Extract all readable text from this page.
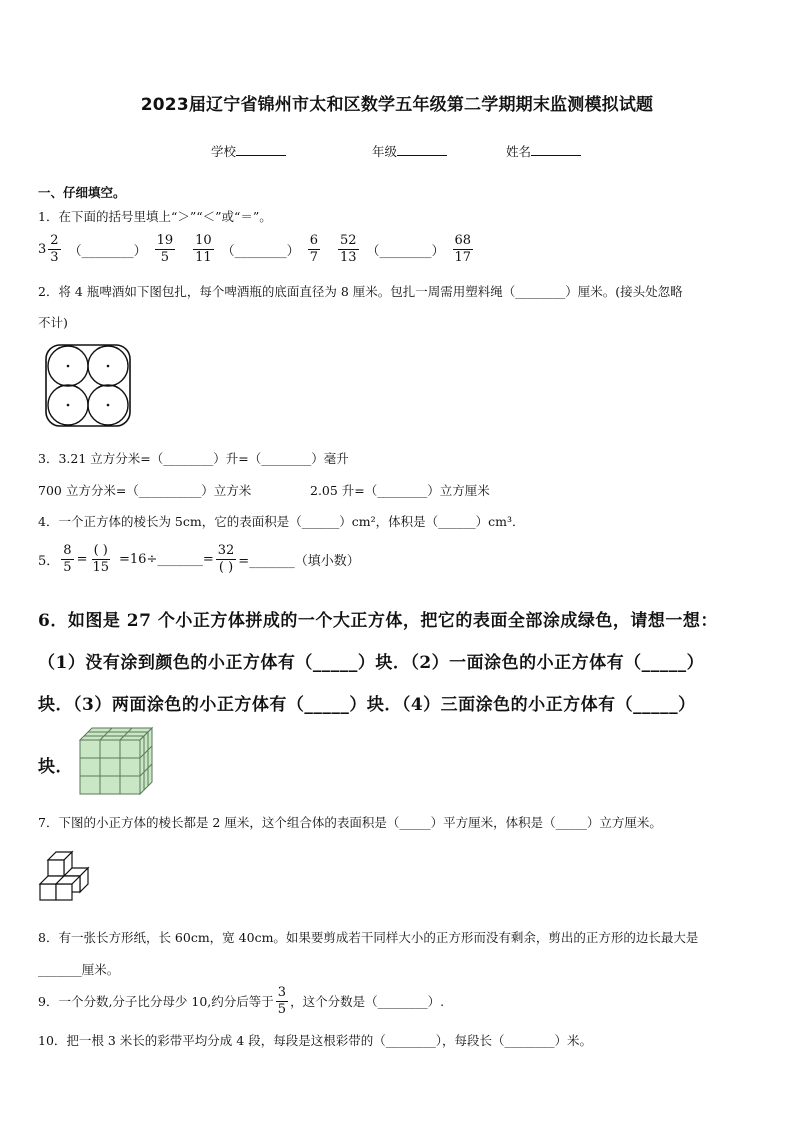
2023届辽宁省锦州市太和区数学五年级第二学期期末监测模拟试题
学校	年级	姓名
一、仔细填空。
1．在下面的括号里填上“＞”“＜”或“＝”。
$3 \frac{2}{3}$ （________） $\frac{19}{5} \frac{10}{11}$ （________） $\frac{6}{7} \frac{52}{13}$ （________） $\frac{68}{17}$
2．将 4 瓶啤酒如下图包扎，每个啤酒瓶的底面直径为 8 厘米。包扎一周需用塑料绳（________）厘米。(接头处忽略
不计)
3．3.21 立方分米=（________）升=（________）毫升
700 立方分米=（__________）立方米	2.05 升=（________）立方厘米
4．一个正方体的棱长为 5cm，它的表面积是（______）cm²，体积是（______）cm³．
5． $\frac{8}{5} = \frac{( )}{15}$ =16÷_______= $\frac{32}{( )}$ =_______（填小数）
6．如图是 27 个小正方体拼成的一个大正方体，把它的表面全部涂成绿色，请想一想：
（1）没有涂到颜色的小正方体有（_____）块．（2）一面涂色的小正方体有（_____）
块．（3）两面涂色的小正方体有（_____）块．（4）三面涂色的小正方体有（_____）
块．
7．下图的小正方体的棱长都是 2 厘米，这个组合体的表面积是（_____）平方厘米，体积是（_____）立方厘米。
8．有一张长方形纸，长 60cm，宽 40cm。如果要剪成若干同样大小的正方形而没有剩余，剪出的正方形的边长最大是
_______厘米。
9．一个分数,分子比分母少 10,约分后等于 $\frac{3}{5}$ ，这个分数是（________）.
10．把一根 3 米长的彩带平均分成 4 段，每段是这根彩带的（________），每段长（________）米。
